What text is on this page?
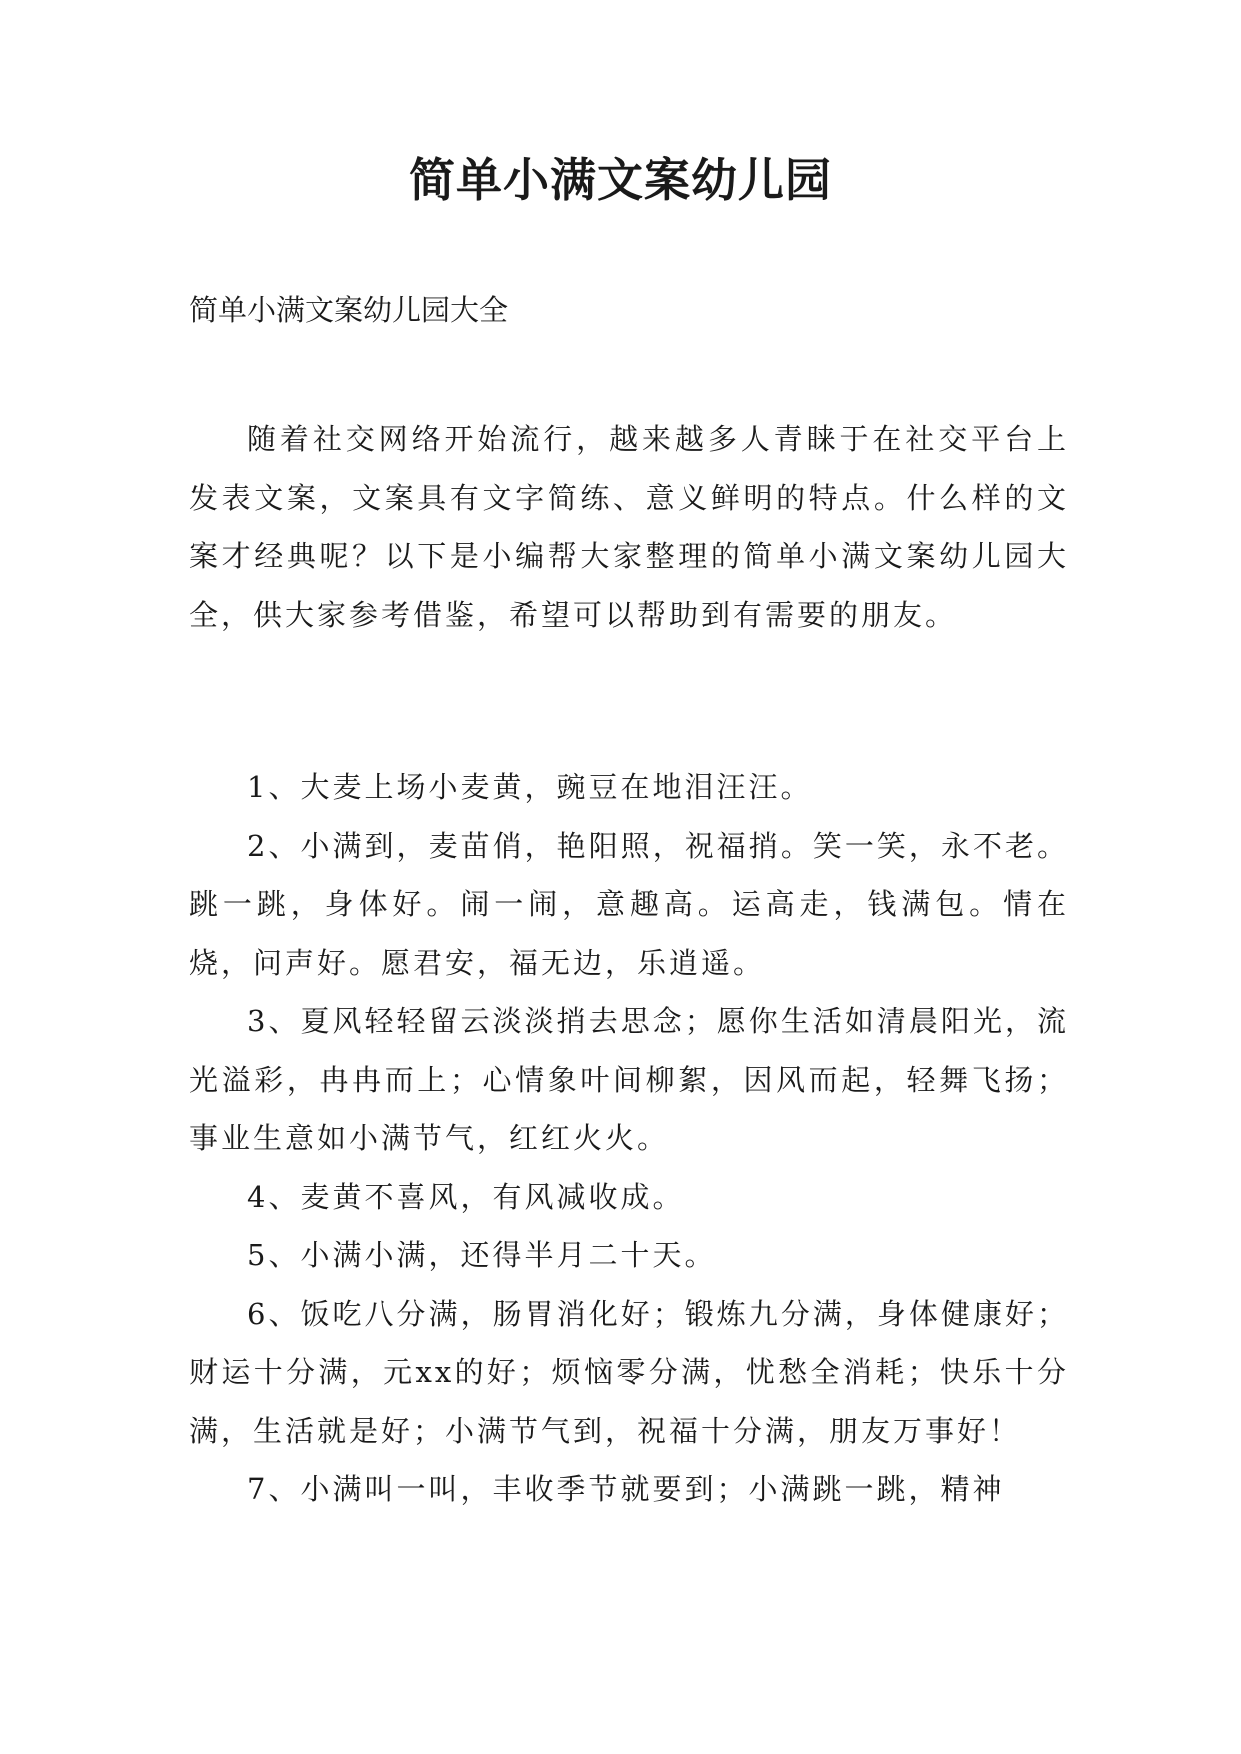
简单小满文案幼儿园

简单小满文案幼儿园大全

随着社交网络开始流行，越来越多人青睐于在社交平台上发表文案，文案具有文字简练、意义鲜明的特点。什么样的文案才经典呢？以下是小编帮大家整理的简单小满文案幼儿园大全，供大家参考借鉴，希望可以帮助到有需要的朋友。

1、大麦上场小麦黄，豌豆在地泪汪汪。

2、小满到，麦苗俏，艳阳照，祝福捎。笑一笑，永不老。跳一跳，身体好。闹一闹，意趣高。运高走，钱满包。情在烧，问声好。愿君安，福无边，乐逍遥。

3、夏风轻轻留云淡淡捎去思念；愿你生活如清晨阳光，流光溢彩，冉冉而上；心情象叶间柳絮，因风而起，轻舞飞扬；事业生意如小满节气，红红火火。

4、麦黄不喜风，有风减收成。

5、小满小满，还得半月二十天。

6、饭吃八分满，肠胃消化好；锻炼九分满，身体健康好；财运十分满，元xx的好；烦恼零分满，忧愁全消耗；快乐十分满，生活就是好；小满节气到，祝福十分满，朋友万事好！

7、小满叫一叫，丰收季节就要到；小满跳一跳，精神
